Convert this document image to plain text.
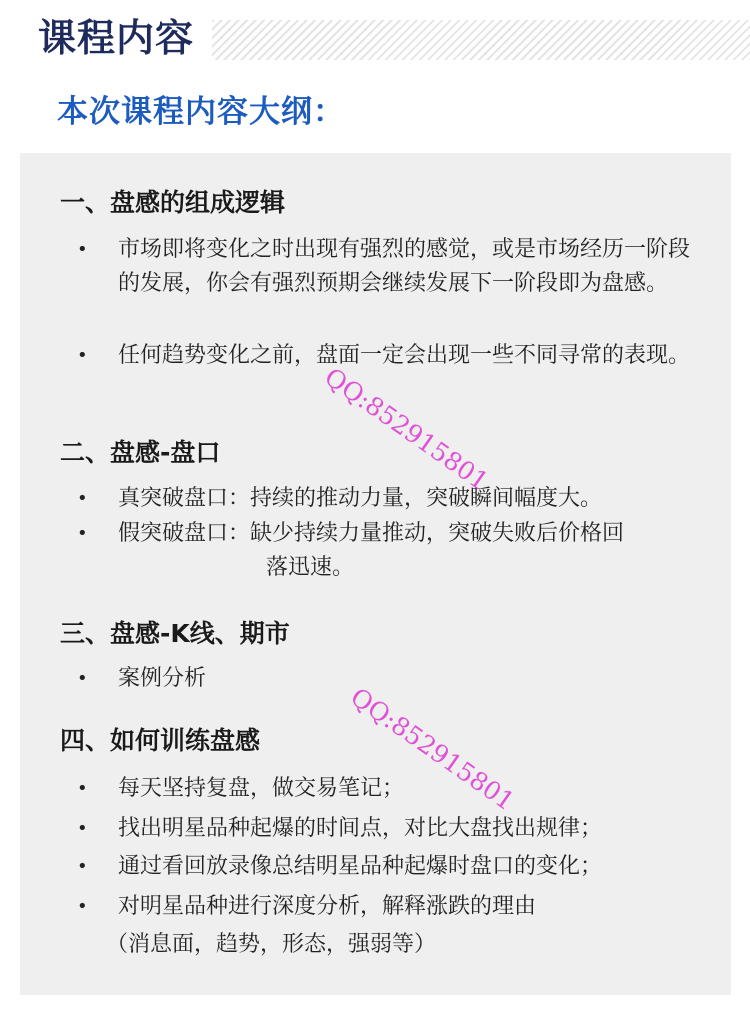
课程内容
本次课程内容大纲：
一、盘感的组成逻辑
• 市场即将变化之时出现有强烈的感觉，或是市场经历一阶段的发展，你会有强烈预期会继续发展下一阶段即为盘感。
• 任何趋势变化之前，盘面一定会出现一些不同寻常的表现。
二、盘感-盘口
• 真突破盘口：持续的推动力量，突破瞬间幅度大。
• 假突破盘口：缺少持续力量推动，突破失败后价格回
落迅速。
三、盘感-K线、期市
• 案例分析
四、如何训练盘感
• 每天坚持复盘，做交易笔记；
• 找出明星品种起爆的时间点，对比大盘找出规律；
• 通过看回放录像总结明星品种起爆时盘口的变化；
• 对明星品种进行深度分析，解释涨跌的理由
（消息面，趋势，形态，强弱等）
QQ:852915801
QQ:852915801
